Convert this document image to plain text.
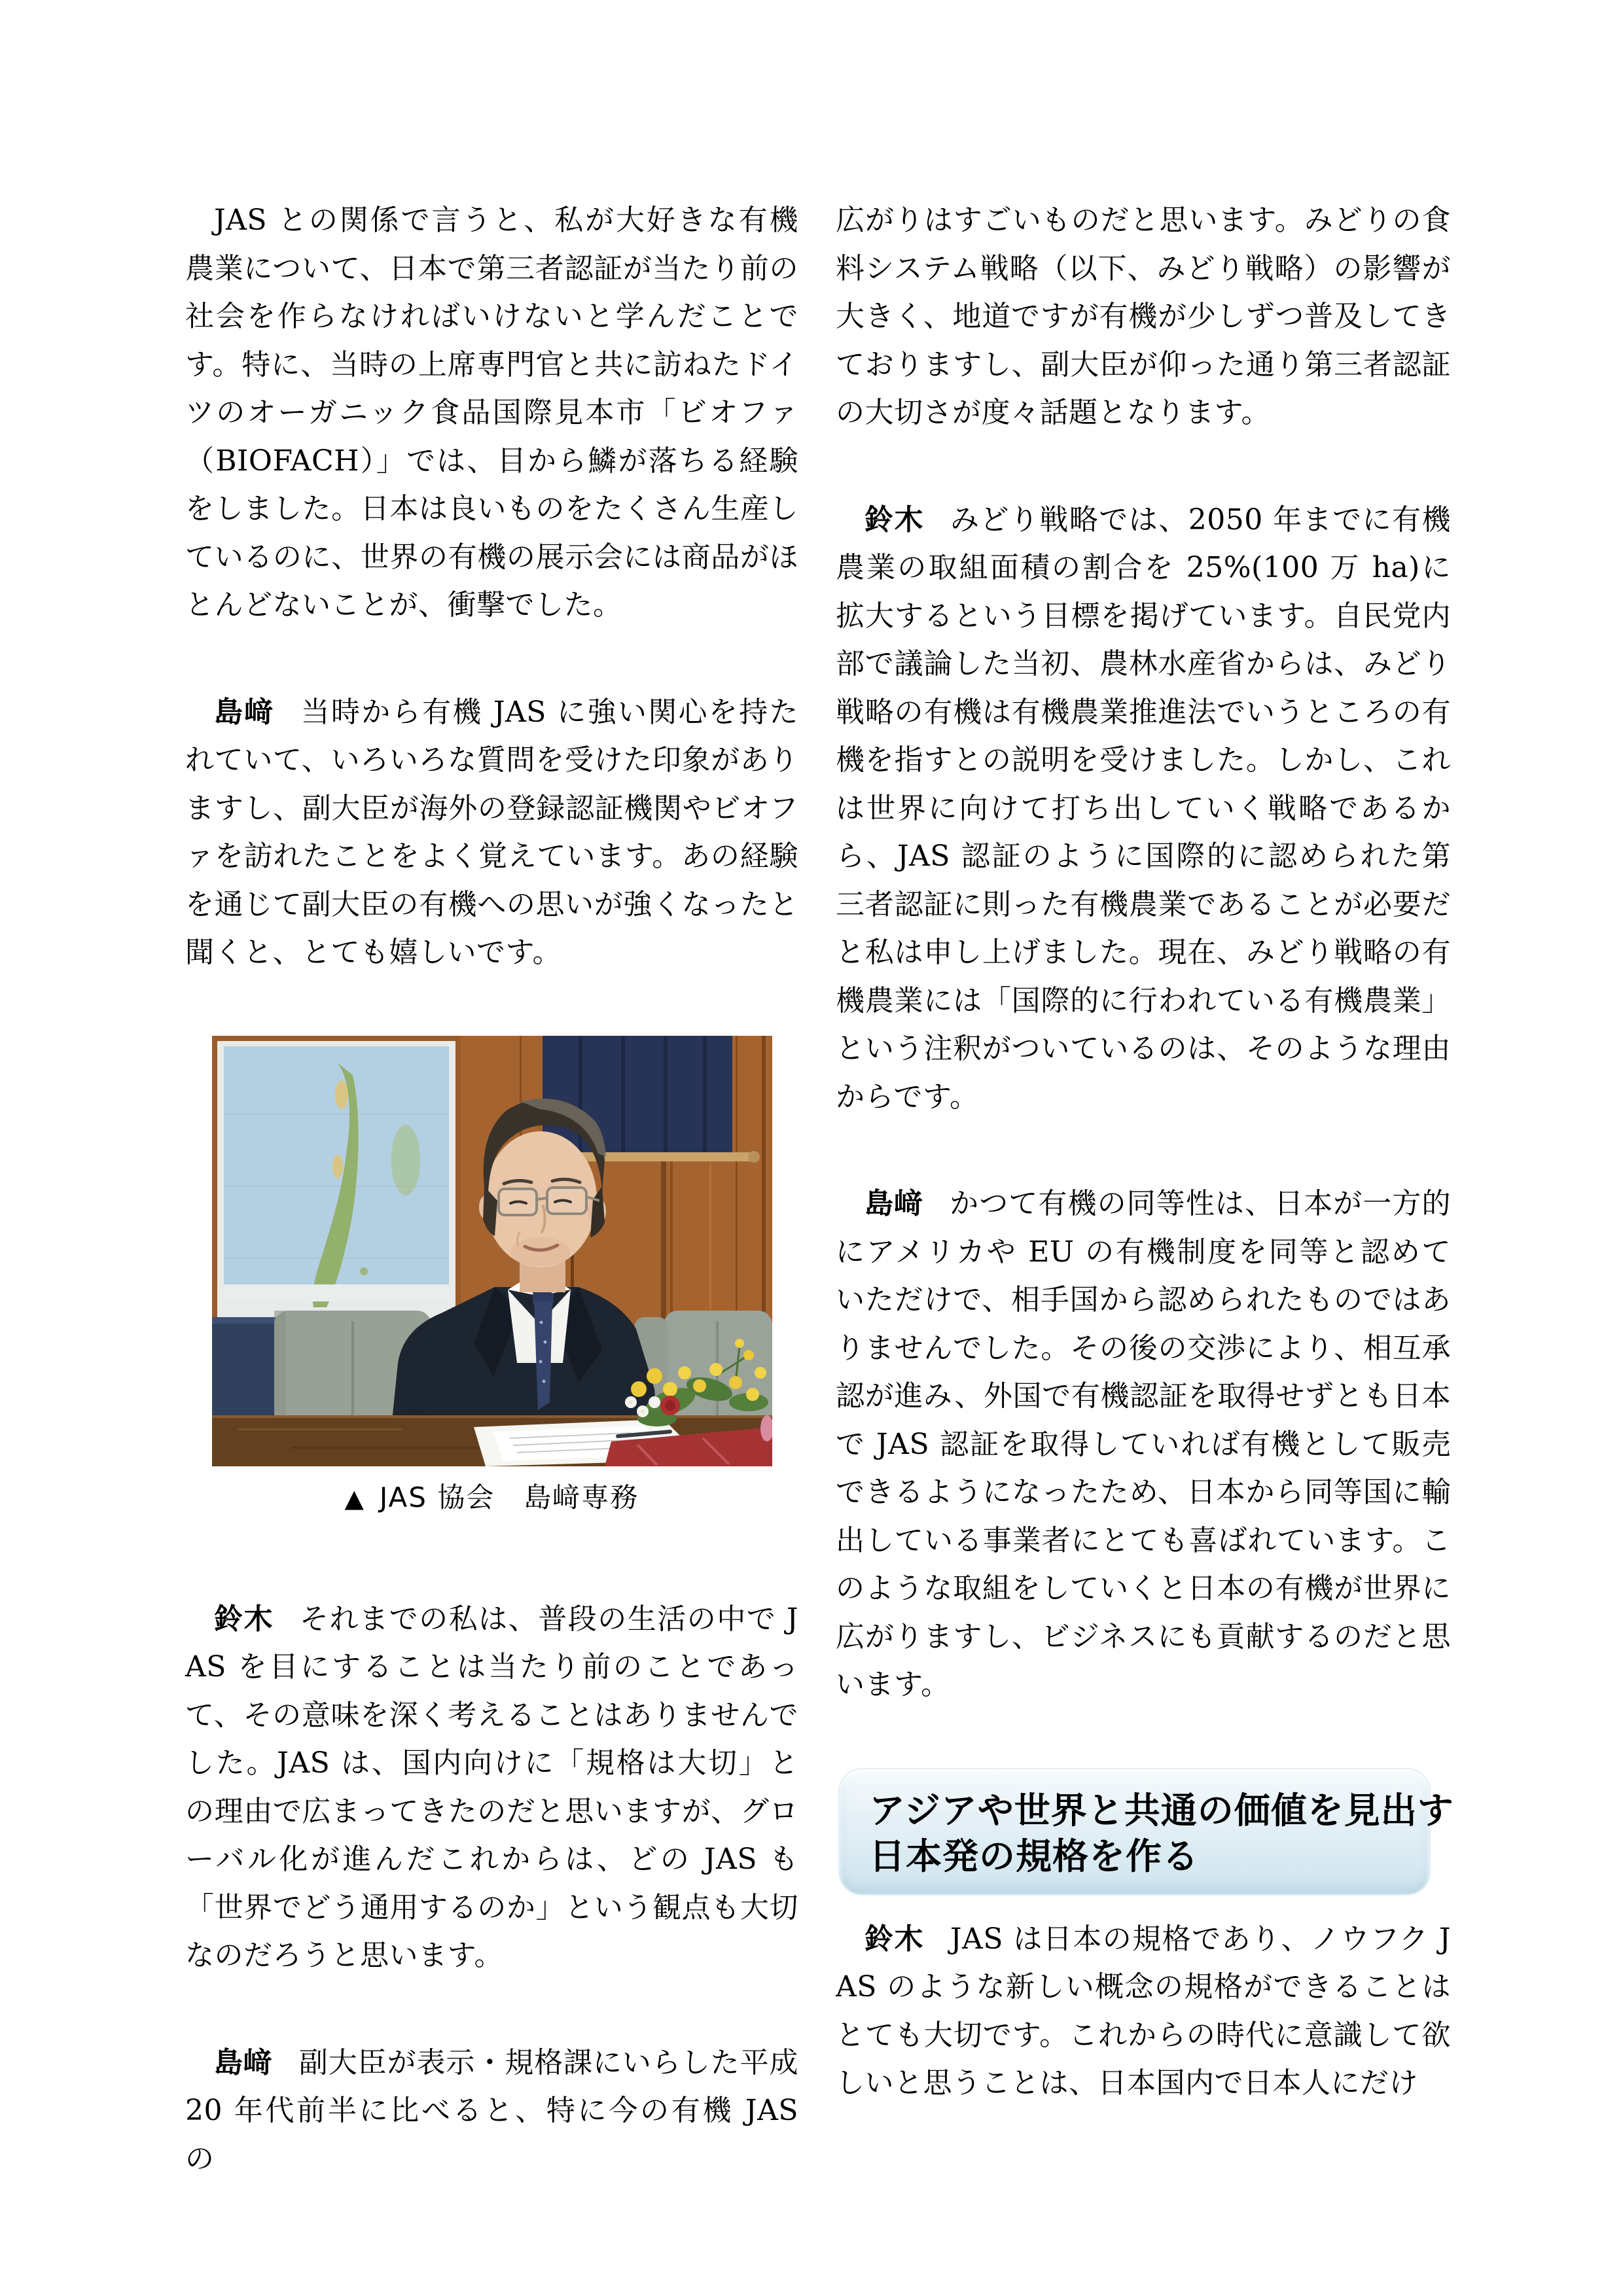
JAS との関係で言うと、私が大好きな有機農業について、日本で第三者認証が当たり前の社会を作らなければいけないと学んだことです。特に、当時の上席専門官と共に訪ねたドイツのオーガニック食品国際見本市「ビオファ（BIOFACH）」では、目から鱗が落ちる経験をしました。日本は良いものをたくさん生産しているのに、世界の有機の展示会には商品がほとんどないことが、衝撃でした。

島﨑 当時から有機 JAS に強い関心を持たれていて、いろいろな質問を受けた印象がありますし、副大臣が海外の登録認証機関やビオファを訪れたことをよく覚えています。あの経験を通じて副大臣の有機への思いが強くなったと聞くと、とても嬉しいです。

▲ JAS 協会　島﨑専務

鈴木 それまでの私は、普段の生活の中で JAS を目にすることは当たり前のことであって、その意味を深く考えることはありませんでした。JAS は、国内向けに「規格は大切」との理由で広まってきたのだと思いますが、グローバル化が進んだこれからは、どの JAS も「世界でどう通用するのか」という観点も大切なのだろうと思います。

島﨑 副大臣が表示・規格課にいらした平成 20 年代前半に比べると、特に今の有機 JAS の

広がりはすごいものだと思います。みどりの食料システム戦略（以下、みどり戦略）の影響が大きく、地道ですが有機が少しずつ普及してきておりますし、副大臣が仰った通り第三者認証の大切さが度々話題となります。

鈴木 みどり戦略では、2050 年までに有機農業の取組面積の割合を 25%(100 万 ha)に拡大するという目標を掲げています。自民党内部で議論した当初、農林水産省からは、みどり戦略の有機は有機農業推進法でいうところの有機を指すとの説明を受けました。しかし、これは世界に向けて打ち出していく戦略であるから、JAS 認証のように国際的に認められた第三者認証に則った有機農業であることが必要だと私は申し上げました。現在、みどり戦略の有機農業には「国際的に行われている有機農業」という注釈がついているのは、そのような理由からです。

島﨑 かつて有機の同等性は、日本が一方的にアメリカや EU の有機制度を同等と認めていただけで、相手国から認められたものではありませんでした。その後の交渉により、相互承認が進み、外国で有機認証を取得せずとも日本で JAS 認証を取得していれば有機として販売できるようになったため、日本から同等国に輸出している事業者にとても喜ばれています。このような取組をしていくと日本の有機が世界に広がりますし、ビジネスにも貢献するのだと思います。

アジアや世界と共通の価値を見出す
日本発の規格を作る

鈴木 JAS は日本の規格であり、ノウフク JAS のような新しい概念の規格ができることはとても大切です。これからの時代に意識して欲しいと思うことは、日本国内で日本人にだけ
